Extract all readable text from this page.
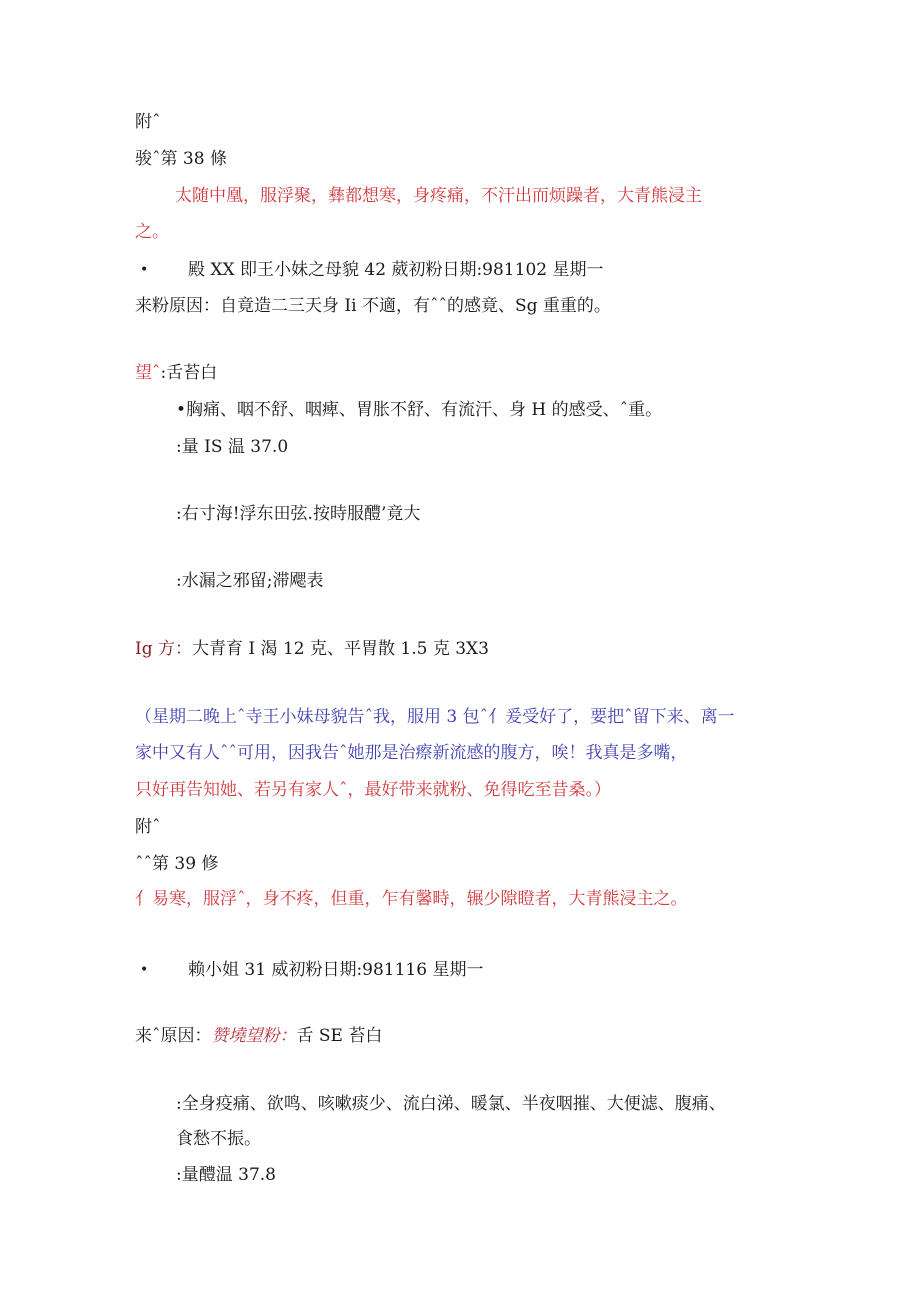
附ˆ
骏ˆ第 38 條
太随中凰，服浮聚，彝都想寒，身疼痛，不汗出而烦躁者，大青熊浸主
之。
• 殿 XX 即王小妹之母貌 42 葳初粉日期:981102 星期一
来粉原因：自竟造二三天身 Ii 不適，有ˆˆ的感竟、Sg 重重的。
望ˆ:舌苔白
•胸痛、咽不舒、咽痺、胃胀不舒、有流汗、身 H 的感受、ˆ重。
:量 IS 温 37.0
:右寸海!浮东田弦.按時服醴’竟大
:水漏之邪留;滞飔表
Ig 方：大青育 I 渴 12 克、平胃散 1.5 克 3X3
（星期二晚上ˆ寺王小妹母貌告ˆ我，服用 3 包ˆ亻爰受好了，要把ˆ留下来、离一
家中又有人ˆˆ可用，因我告ˆ她那是治瘵新流感的腹方，唉！我真是多嘴，
只好再告知她、若另有家人ˆ，最好带来就粉、免得吃至昔桑。）
附ˆ
ˆˆ第 39 修
亻易寒，服浮ˆ，身不疼，但重，乍有馨畤，辗少隙瞪者，大青熊浸主之。
• 赖小姐 31 威初粉日期:981116 星期一
来ˆ原因：赞墝望粉：舌 SE 苔白
:全身疫痛、欲鸣、咳嗽痰少、流白涕、暖氯、半夜咽摧、大便滤、腹痛、
食愁不振。
:量醴温 37.8
